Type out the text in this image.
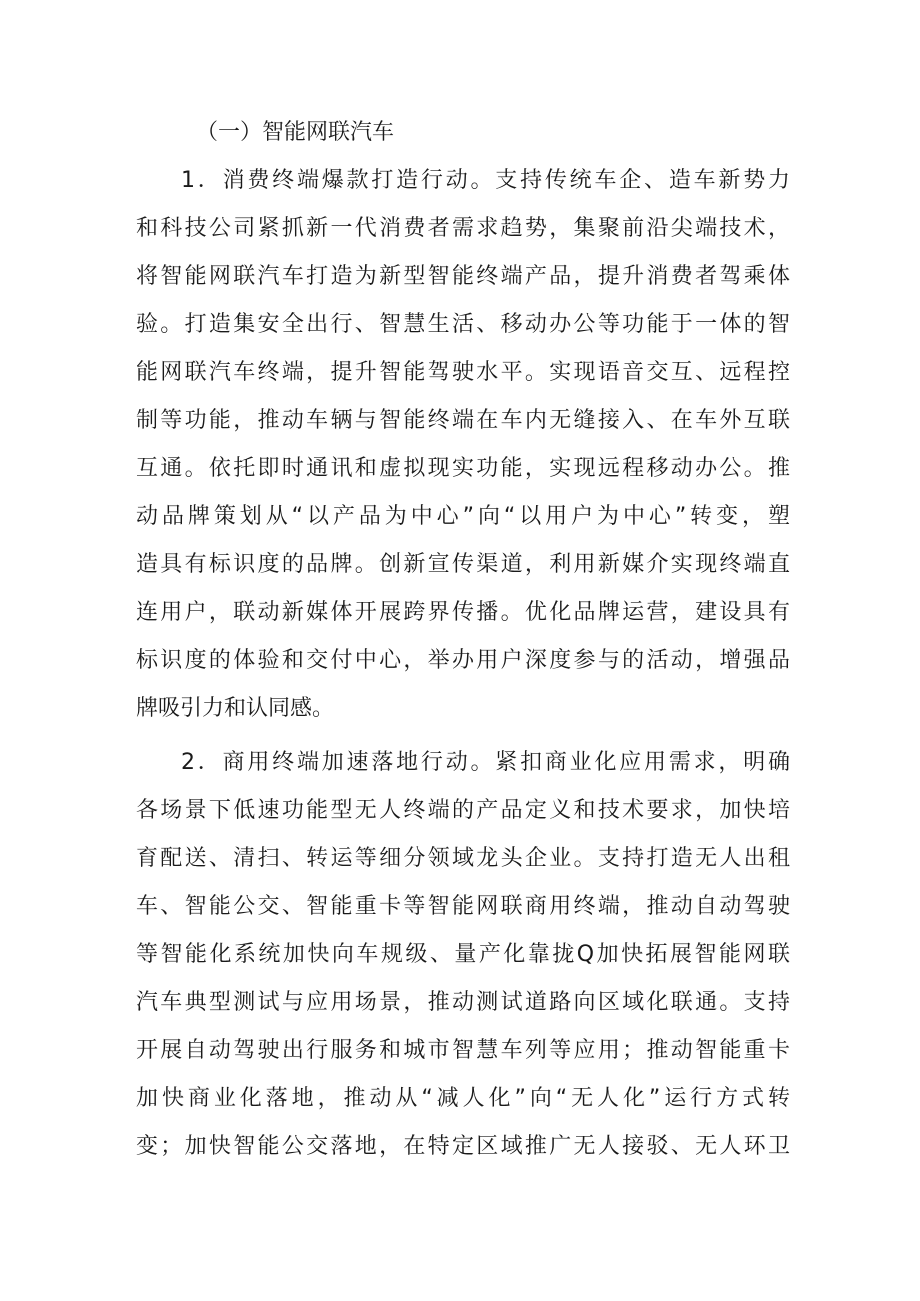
（一）智能网联汽车
1．消费终端爆款打造行动。支持传统车企、造车新势力
和科技公司紧抓新一代消费者需求趋势，集聚前沿尖端技术，
将智能网联汽车打造为新型智能终端产品，提升消费者驾乘体
验。打造集安全出行、智慧生活、移动办公等功能于一体的智
能网联汽车终端，提升智能驾驶水平。实现语音交互、远程控
制等功能，推动车辆与智能终端在车内无缝接入、在车外互联
互通。依托即时通讯和虚拟现实功能，实现远程移动办公。推
动品牌策划从“以产品为中心”向“以用户为中心”转变，塑
造具有标识度的品牌。创新宣传渠道，利用新媒介实现终端直
连用户，联动新媒体开展跨界传播。优化品牌运营，建设具有
标识度的体验和交付中心，举办用户深度参与的活动，增强品
牌吸引力和认同感。
2．商用终端加速落地行动。紧扣商业化应用需求，明确
各场景下低速功能型无人终端的产品定义和技术要求，加快培
育配送、清扫、转运等细分领域龙头企业。支持打造无人出租
车、智能公交、智能重卡等智能网联商用终端，推动自动驾驶
等智能化系统加快向车规级、量产化靠拢Q加快拓展智能网联
汽车典型测试与应用场景，推动测试道路向区域化联通。支持
开展自动驾驶出行服务和城市智慧车列等应用；推动智能重卡
加快商业化落地，推动从“减人化”向“无人化”运行方式转
变；加快智能公交落地，在特定区域推广无人接驳、无人环卫
